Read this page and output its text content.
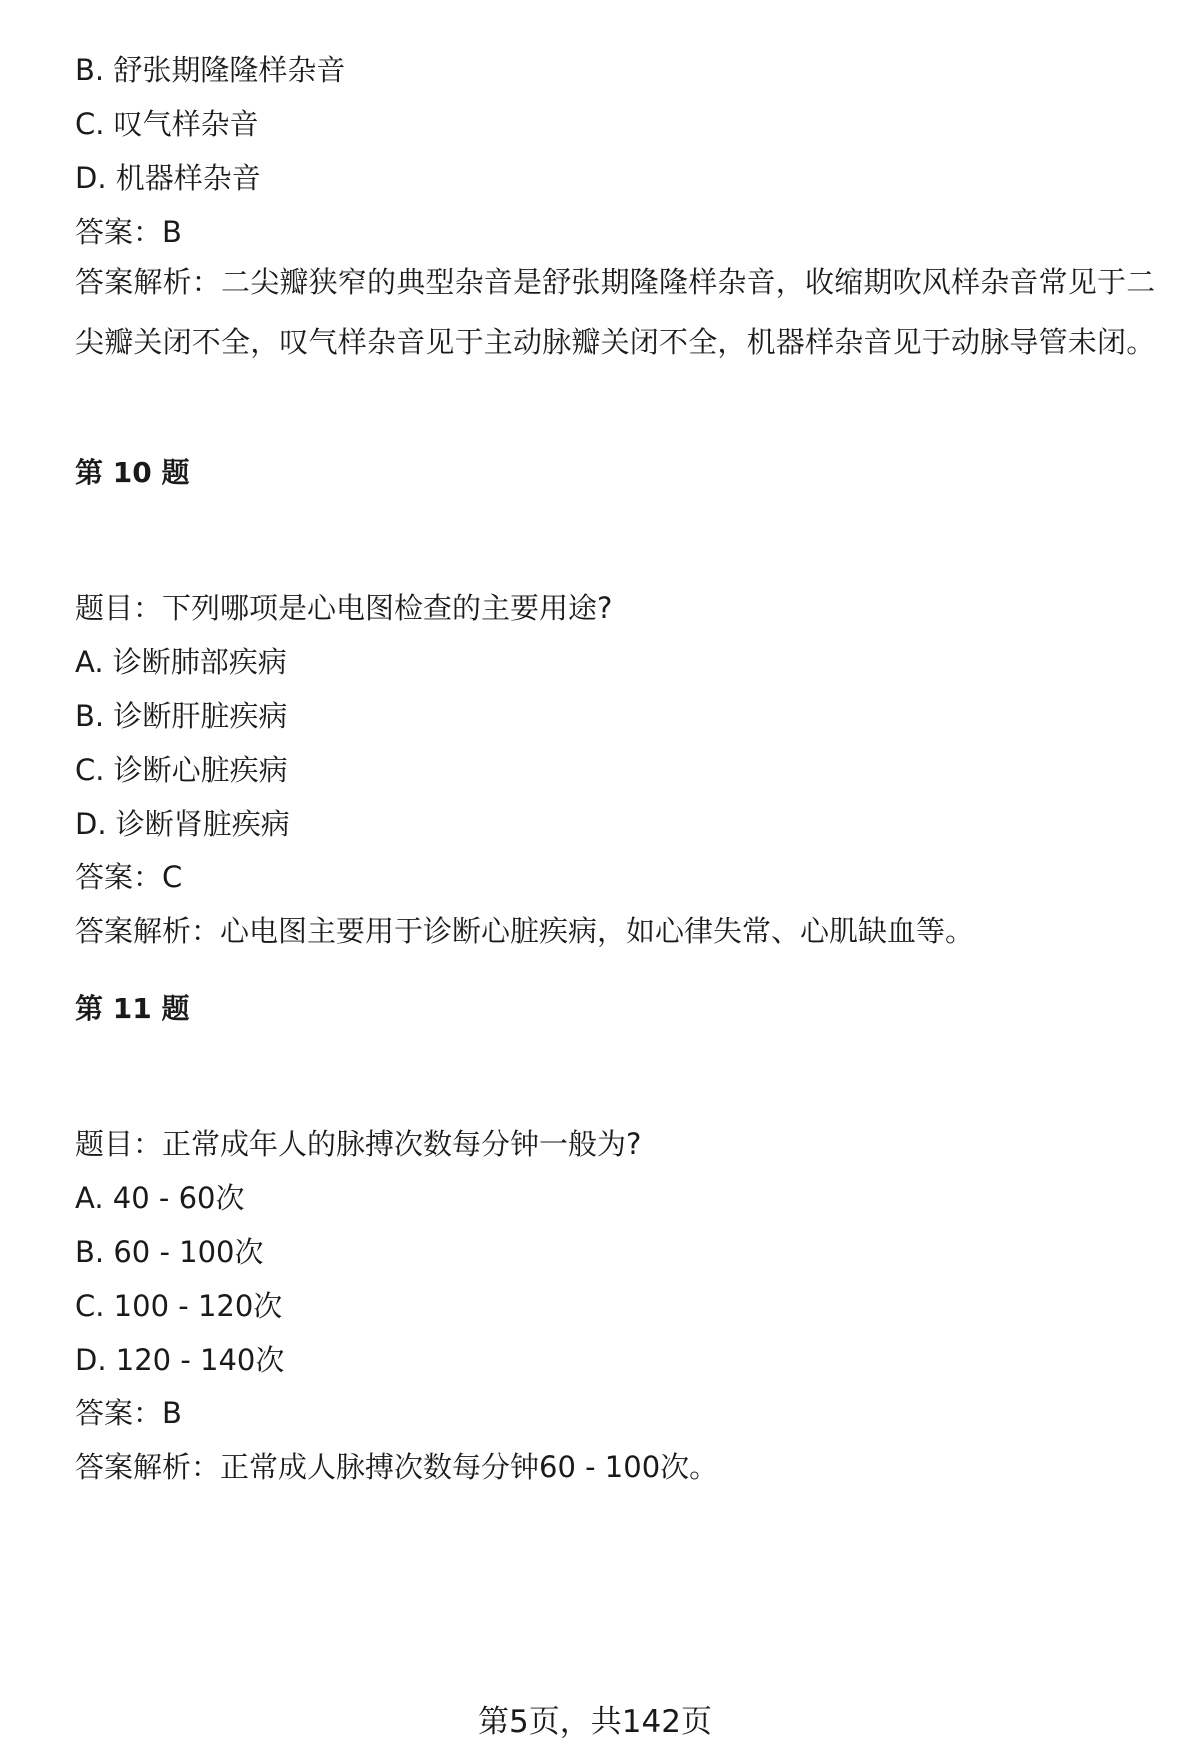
B. 舒张期隆隆样杂音
C. 叹气样杂音
D. 机器样杂音
答案：B
答案解析：二尖瓣狭窄的典型杂音是舒张期隆隆样杂音，收缩期吹风样杂音常见于二尖瓣关闭不全，叹气样杂音见于主动脉瓣关闭不全，机器样杂音见于动脉导管未闭。
第 10 题
题目：下列哪项是心电图检查的主要用途?
A. 诊断肺部疾病
B. 诊断肝脏疾病
C. 诊断心脏疾病
D. 诊断肾脏疾病
答案：C
答案解析：心电图主要用于诊断心脏疾病，如心律失常、心肌缺血等。
第 11 题
题目：正常成年人的脉搏次数每分钟一般为?
A. 40 - 60次
B. 60 - 100次
C. 100 - 120次
D. 120 - 140次
答案：B
答案解析：正常成人脉搏次数每分钟60 - 100次。
第5页，共142页
